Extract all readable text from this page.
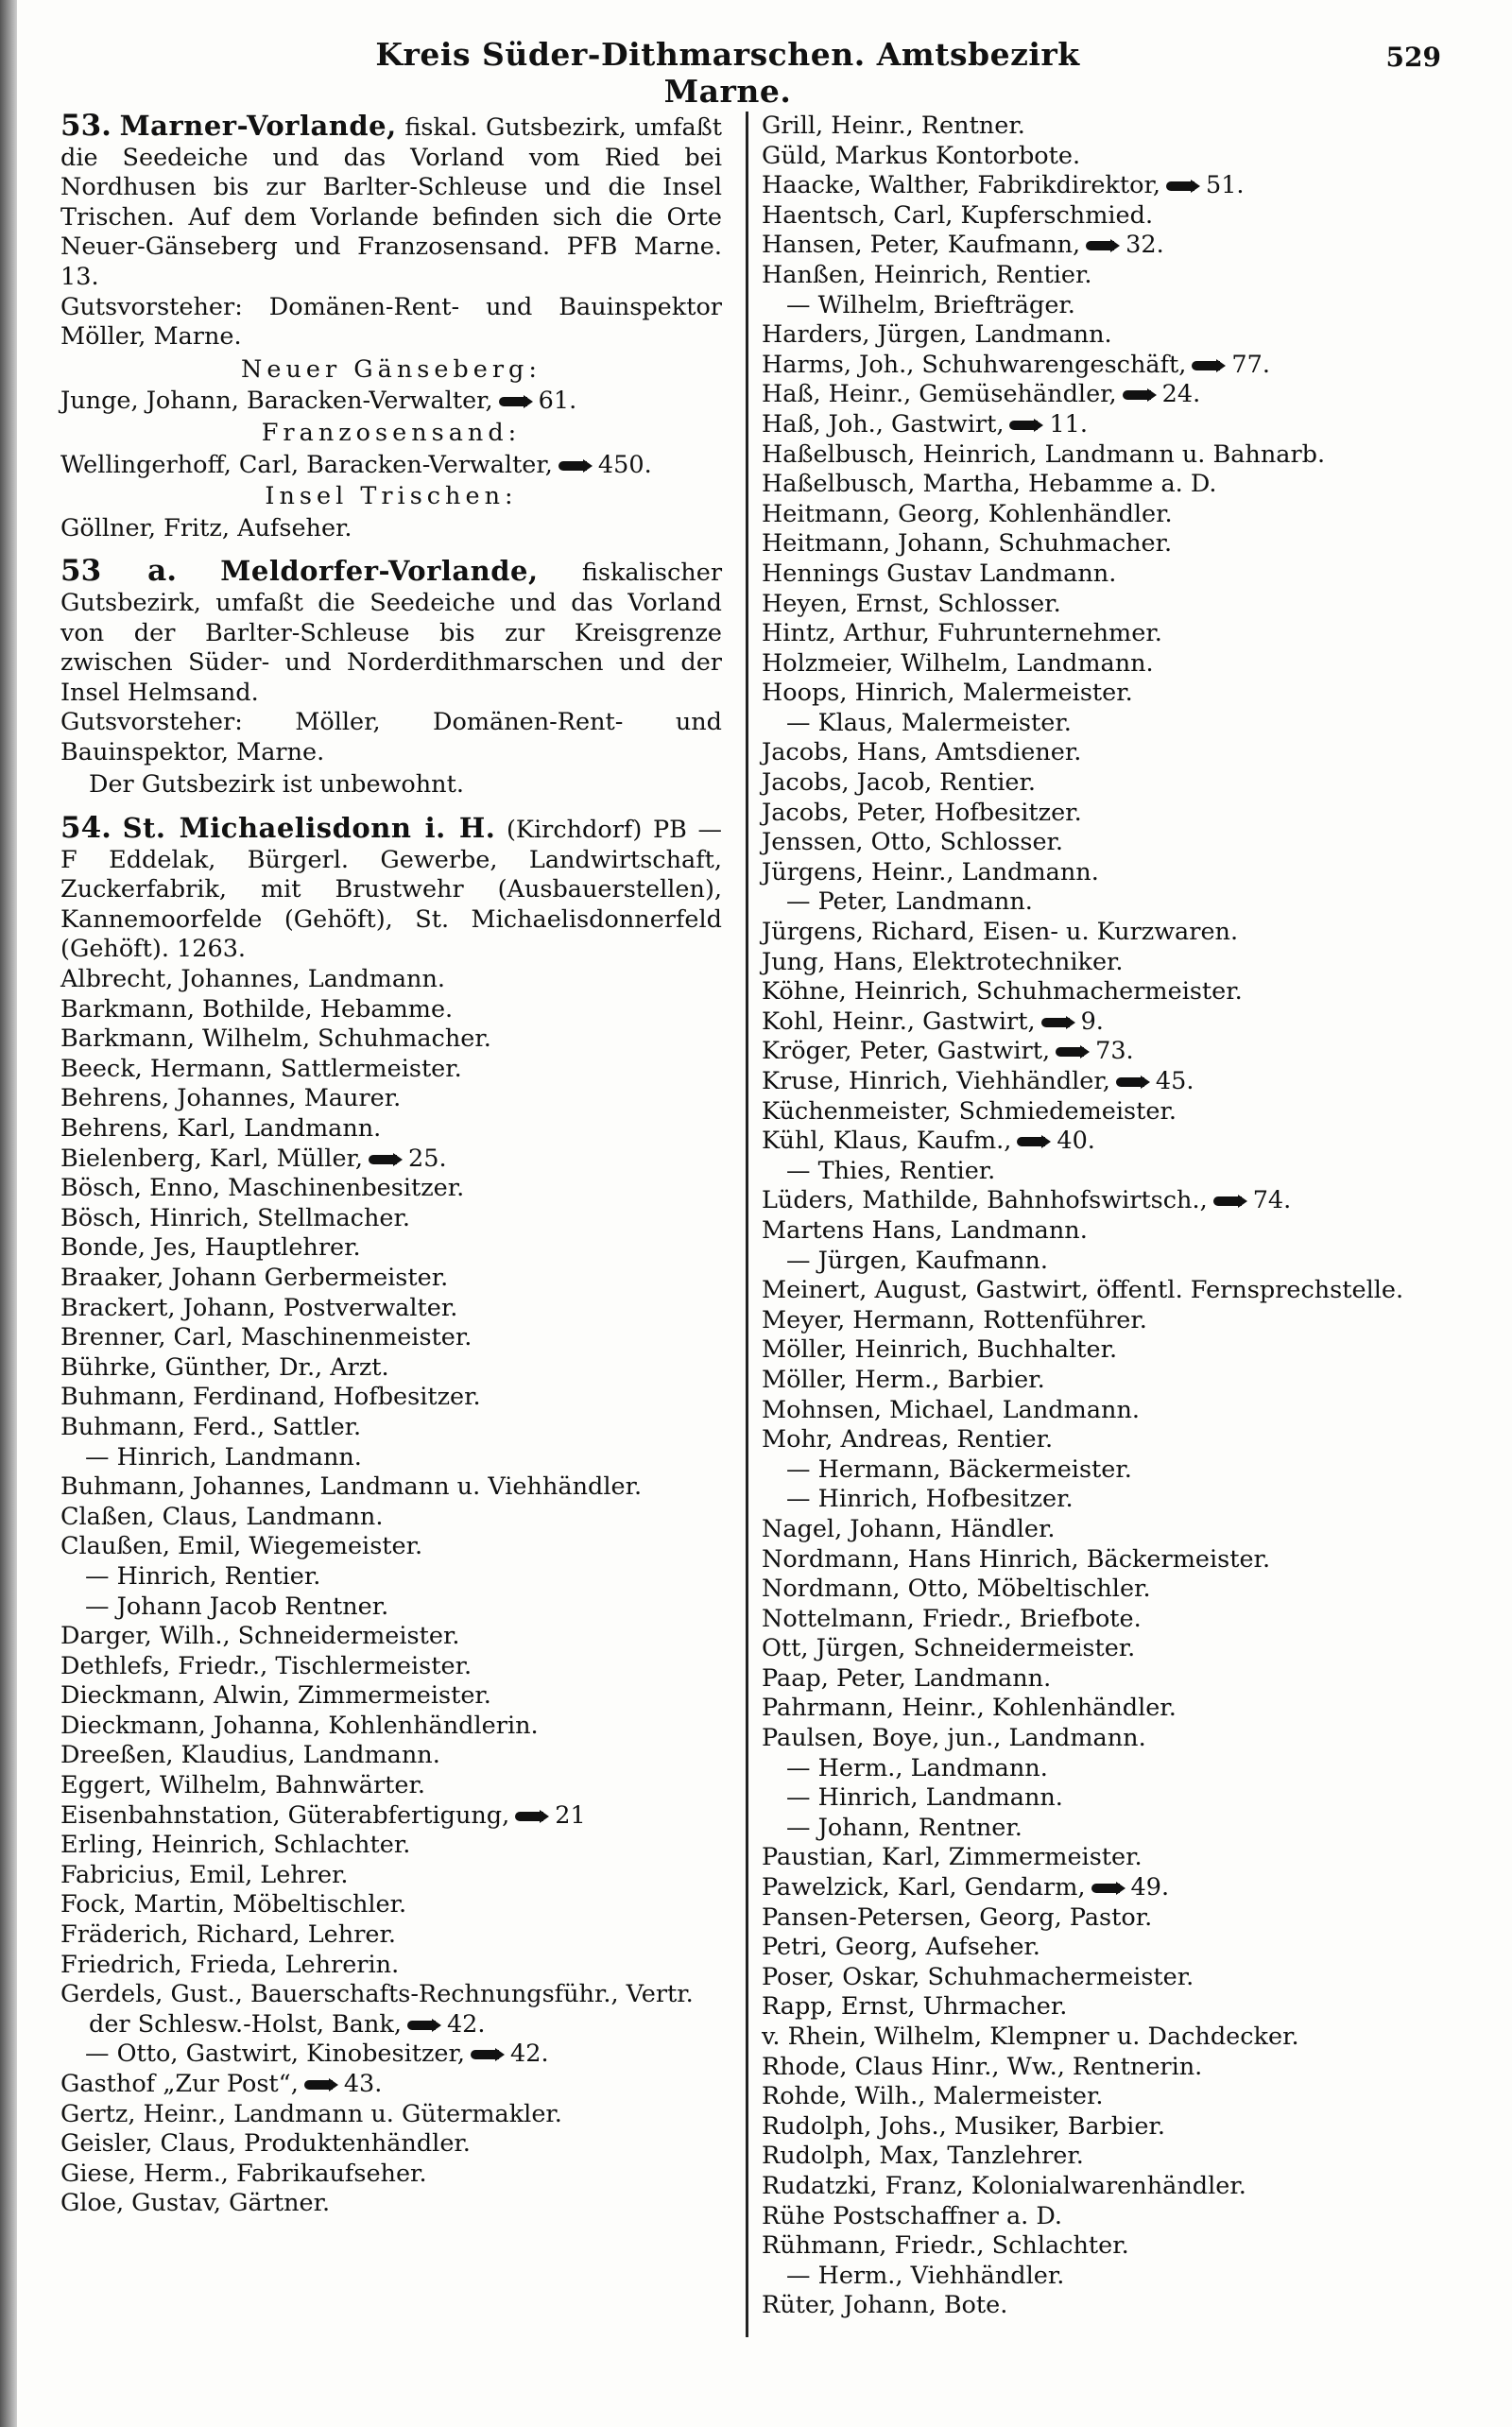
Kreis Süder-Dithmarschen. Amtsbezirk Marne.
529
53. Marner-Vorlande, fiskal. Gutsbezirk, umfaßt die Seedeiche und das Vorland vom Ried bei Nordhusen bis zur Barlter-Schleuse und die Insel Trischen. Auf dem Vorlande befinden sich die Orte Neuer-Gänseberg und Franzosensand. PFB Marne. 13.
Gutsvorsteher: Domänen-Rent- und Bauinspektor Möller, Marne.
Neuer Gänseberg:
Junge, Johann, Baracken-Verwalter, 61.
Franzosensand:
Wellingerhoff, Carl, Baracken-Verwalter, 450.
Insel Trischen:
Göllner, Fritz, Aufseher.
53 a. Meldorfer-Vorlande, fiskalischer Gutsbezirk, umfaßt die Seedeiche und das Vorland von der Barlter-Schleuse bis zur Kreisgrenze zwischen Süder- und Norderdithmarschen und der Insel Helmsand.
Gutsvorsteher: Möller, Domänen-Rent- und Bauinspektor, Marne.
Der Gutsbezirk ist unbewohnt.
54. St. Michaelisdonn i. H. (Kirchdorf) PB — F Eddelak, Bürgerl. Gewerbe, Landwirtschaft, Zuckerfabrik, mit Brustwehr (Ausbauerstellen), Kannemoorfelde (Gehöft), St. Michaelisdonnerfeld (Gehöft). 1263.
Albrecht, Johannes, Landmann.
Barkmann, Bothilde, Hebamme.
Barkmann, Wilhelm, Schuhmacher.
Beeck, Hermann, Sattlermeister.
Behrens, Johannes, Maurer.
Behrens, Karl, Landmann.
Bielenberg, Karl, Müller, 25.
Bösch, Enno, Maschinenbesitzer.
Bösch, Hinrich, Stellmacher.
Bonde, Jes, Hauptlehrer.
Braaker, Johann Gerbermeister.
Brackert, Johann, Postverwalter.
Brenner, Carl, Maschinenmeister.
Bührke, Günther, Dr., Arzt.
Buhmann, Ferdinand, Hofbesitzer.
Buhmann, Ferd., Sattler.
— Hinrich, Landmann.
Buhmann, Johannes, Landmann u. Viehhändler.
Claßen, Claus, Landmann.
Claußen, Emil, Wiegemeister.
— Hinrich, Rentier.
— Johann Jacob Rentner.
Darger, Wilh., Schneidermeister.
Dethlefs, Friedr., Tischlermeister.
Dieckmann, Alwin, Zimmermeister.
Dieckmann, Johanna, Kohlenhändlerin.
Dreeßen, Klaudius, Landmann.
Eggert, Wilhelm, Bahnwärter.
Eisenbahnstation, Güterabfertigung, 21
Erling, Heinrich, Schlachter.
Fabricius, Emil, Lehrer.
Fock, Martin, Möbeltischler.
Fräderich, Richard, Lehrer.
Friedrich, Frieda, Lehrerin.
Gerdels, Gust., Bauerschafts-Rechnungsführ., Vertr. der Schlesw.-Holst, Bank, 42.
— Otto, Gastwirt, Kinobesitzer, 42.
Gasthof „Zur Post“, 43.
Gertz, Heinr., Landmann u. Gütermakler.
Geisler, Claus, Produktenhändler.
Giese, Herm., Fabrikaufseher.
Gloe, Gustav, Gärtner.
Grill, Heinr., Rentner.
Güld, Markus Kontorbote.
Haacke, Walther, Fabrikdirektor, 51.
Haentsch, Carl, Kupferschmied.
Hansen, Peter, Kaufmann, 32.
Hanßen, Heinrich, Rentier.
— Wilhelm, Briefträger.
Harders, Jürgen, Landmann.
Harms, Joh., Schuhwarengeschäft, 77.
Haß, Heinr., Gemüsehändler, 24.
Haß, Joh., Gastwirt, 11.
Haßelbusch, Heinrich, Landmann u. Bahnarb.
Haßelbusch, Martha, Hebamme a. D.
Heitmann, Georg, Kohlenhändler.
Heitmann, Johann, Schuhmacher.
Hennings Gustav Landmann.
Heyen, Ernst, Schlosser.
Hintz, Arthur, Fuhrunternehmer.
Holzmeier, Wilhelm, Landmann.
Hoops, Hinrich, Malermeister.
— Klaus, Malermeister.
Jacobs, Hans, Amtsdiener.
Jacobs, Jacob, Rentier.
Jacobs, Peter, Hofbesitzer.
Jenssen, Otto, Schlosser.
Jürgens, Heinr., Landmann.
— Peter, Landmann.
Jürgens, Richard, Eisen- u. Kurzwaren.
Jung, Hans, Elektrotechniker.
Köhne, Heinrich, Schuhmachermeister.
Kohl, Heinr., Gastwirt, 9.
Kröger, Peter, Gastwirt, 73.
Kruse, Hinrich, Viehhändler, 45.
Küchenmeister, Schmiedemeister.
Kühl, Klaus, Kaufm., 40.
— Thies, Rentier.
Lüders, Mathilde, Bahnhofswirtsch., 74.
Martens Hans, Landmann.
— Jürgen, Kaufmann.
Meinert, August, Gastwirt, öffentl. Fernsprechstelle.
Meyer, Hermann, Rottenführer.
Möller, Heinrich, Buchhalter.
Möller, Herm., Barbier.
Mohnsen, Michael, Landmann.
Mohr, Andreas, Rentier.
— Hermann, Bäckermeister.
— Hinrich, Hofbesitzer.
Nagel, Johann, Händler.
Nordmann, Hans Hinrich, Bäckermeister.
Nordmann, Otto, Möbeltischler.
Nottelmann, Friedr., Briefbote.
Ott, Jürgen, Schneidermeister.
Paap, Peter, Landmann.
Pahrmann, Heinr., Kohlenhändler.
Paulsen, Boye, jun., Landmann.
— Herm., Landmann.
— Hinrich, Landmann.
— Johann, Rentner.
Paustian, Karl, Zimmermeister.
Pawelzick, Karl, Gendarm, 49.
Pansen-Petersen, Georg, Pastor.
Petri, Georg, Aufseher.
Poser, Oskar, Schuhmachermeister.
Rapp, Ernst, Uhrmacher.
v. Rhein, Wilhelm, Klempner u. Dachdecker.
Rhode, Claus Hinr., Ww., Rentnerin.
Rohde, Wilh., Malermeister.
Rudolph, Johs., Musiker, Barbier.
Rudolph, Max, Tanzlehrer.
Rudatzki, Franz, Kolonialwarenhändler.
Rühe Postschaffner a. D.
Rühmann, Friedr., Schlachter.
— Herm., Viehhändler.
Rüter, Johann, Bote.
